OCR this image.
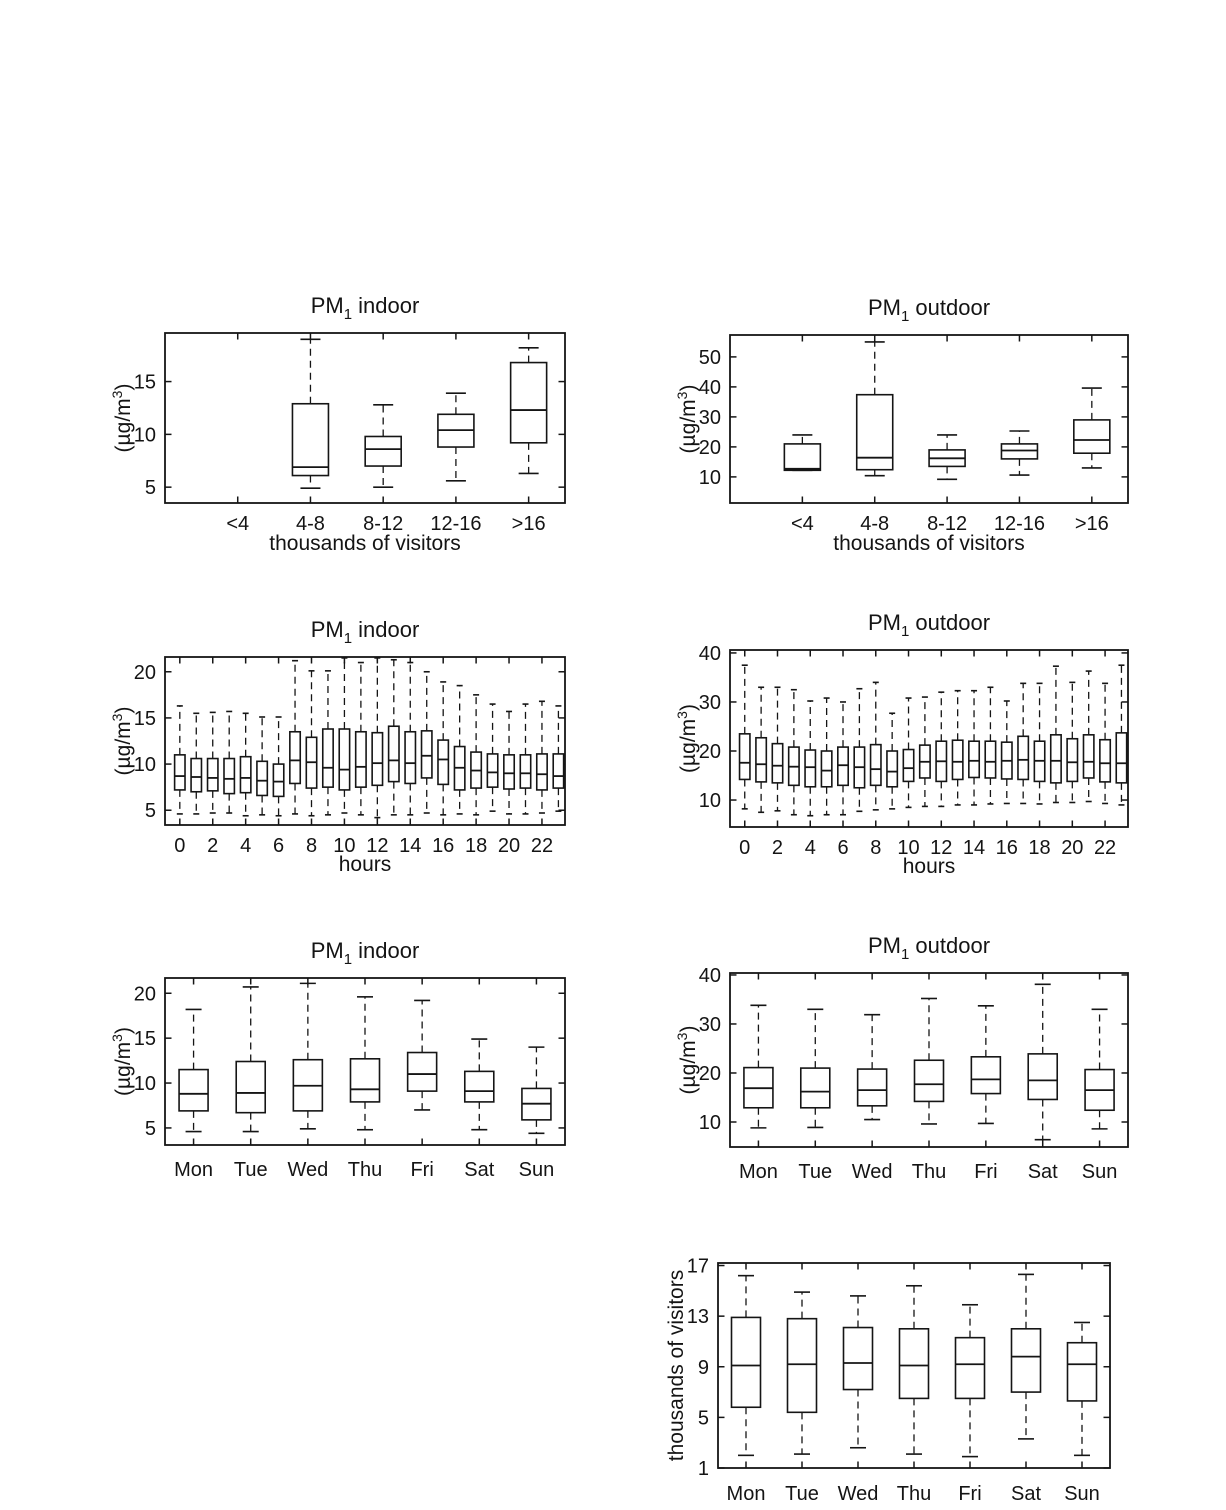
5
10
15
<4 4-8 8-12 12-16 >16
$PM_1$ indoor
$(\mu g/m^3)$
thousands of visitors
10
20
30
40
50
<4 4-8 8-12 12-16 >16
$PM_1$ outdoor
$(\mu g/m^3)$
thousands of visitors
5
10
15
20
0 2 4 6 8 10 12 14 16 18 20 22
$PM_1$ indoor
$(\mu g/m^3)$
hours
10
20
30
40
0 2 4 6 8 10 12 14 16 18 20 22
$PM_1$ outdoor
$(\mu g/m^3)$
hours
5
10
15
20
Mon Tue Wed Thu Fri Sat Sun
$PM_1$ indoor
$(\mu g/m^3)$
10
20
30
40
Mon Tue Wed Thu Fri Sat Sun
$PM_1$ outdoor
$(\mu g/m^3)$
1
5
9
13
17
Mon Tue Wed Thu Fri Sat Sun
thousands of visitors
